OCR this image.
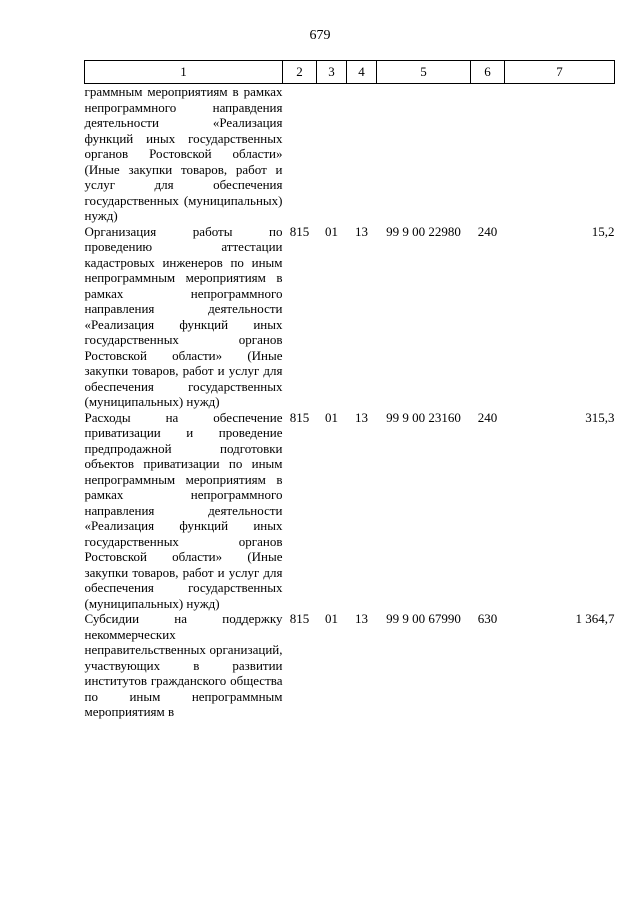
679
1	2	3	4	5	6	7
граммным мероприятиям в рамках непрограммного направдения деятельности «Реализация функций иных государственных органов Ростовской области» (Иные закупки товаров, работ и услуг для обеспечения государственных (муниципальных) нужд)						
Организация работы по проведению аттестации кадастровых инженеров по иным непрограммным мероприятиям в рамках непрограммного направления деятельности «Реализация функций иных государственных органов Ростовской области» (Иные закупки товаров, работ и услуг для обеспечения государственных (муниципальных) нужд)	815	01	13	99 9 00 22980	240	15,2
Расходы на обеспечение приватизации и проведение предпродажной подготовки объектов приватизации по иным непрограммным мероприятиям в рамках непрограммного направления деятельности «Реализация функций иных государственных органов Ростовской области» (Иные закупки товаров, работ и услуг для обеспечения государственных (муниципальных) нужд)	815	01	13	99 9 00 23160	240	315,3
Субсидии на поддержку некоммерческих неправительственных организаций, участвующих в развитии институтов гражданского общества по иным непрограммным мероприятиям в	815	01	13	99 9 00 67990	630	1 364,7
